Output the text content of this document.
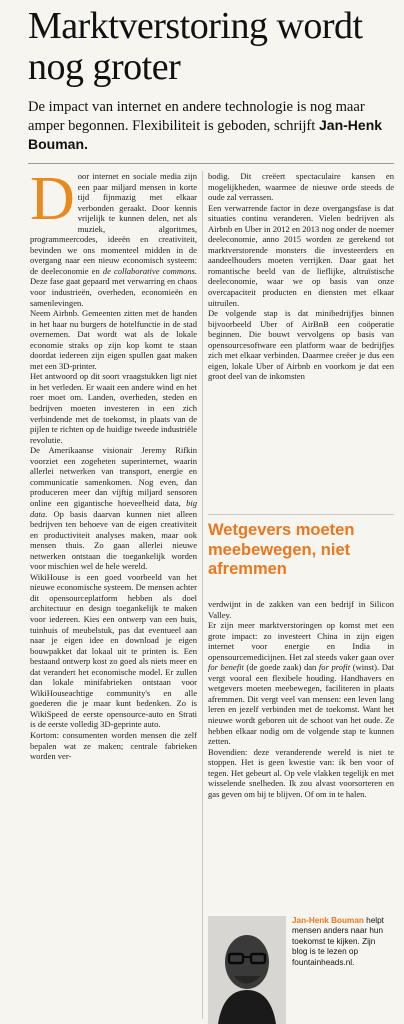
Marktverstoring wordt nog groter

De impact van internet en andere technologie is nog maar amper begonnen. Flexibiliteit is geboden, schrijft Jan-Henk Bouman.

Door internet en sociale media zijn een paar miljard mensen in korte tijd fijnmazig met elkaar verbonden geraakt. Door kennis vrijelijk te kunnen delen, net als muziek, algoritmes, programmeercodes, ideeën en creativiteit, bevinden we ons momenteel midden in de overgang naar een nieuw economisch systeem: de deeleconomie en de collaborative commons. Deze fase gaat gepaard met verwarring en chaos voor industrieën, overheden, economieën en samenlevingen.

Neem Airbnb. Gemeenten zitten met de handen in het haar nu burgers de hotelfunctie in de stad overnemen. Dat wordt wat als de lokale economie straks op zijn kop komt te staan doordat iedereen zijn eigen spullen gaat maken met een 3D-printer.

Het antwoord op dit soort vraagstukken ligt niet in het verleden. Er waait een andere wind en het roer moet om. Landen, overheden, steden en bedrijven moeten investeren in een zich verbindende met de toekomst, in plaats van de pijlen te richten op de huidige tweede industriële revolutie.

De Amerikaanse visionair Jeremy Rifkin voorziet een zogeheten superinternet, waarin allerlei netwerken van transport, energie en communicatie samenkomen. Nog even, dan produceren meer dan vijftig miljard sensoren online een gigantische hoeveelheid data, big data. Op basis daarvan kunnen niet alleen bedrijven ten behoeve van de eigen creativiteit en productiviteit analyses maken, maar ook mensen thuis. Zo gaan allerlei nieuwe netwerken ontstaan die toegankelijk worden voor mischien wel de hele wereld.

WikiHouse is een goed voorbeeld van het nieuwe economische systeem. De mensen achter dit opensourceplatform hebben als doel architectuur en design toegankelijk te maken voor iedereen. Kies een ontwerp van een huis, tuinhuis of meubelstuk, pas dat eventueel aan naar je eigen idee en download je eigen bouwpakket dat lokaal uit te printen is. Een bestaand ontwerp kost zo goed als niets meer en dat verandert het economische model. Er zullen dan lokale minifabrieken ontstaan voor WikiHouseachtige community's en alle goederen die je maar kunt bedenken. Zo is WikiSpeed de eerste opensource-auto en Strati is de eerste volledig 3D-geprinte auto.

Kortom: consumenten worden mensen die zelf bepalen wat ze maken; centrale fabrieken worden ver-

bodig. Dit creëert spectaculaire kansen en mogelijkheden, waarmee de nieuwe orde steeds de oude zal verrassen.

Een verwarrende factor in deze overgangsfase is dat situaties continu veranderen. Vielen bedrijven als Airbnb en Uber in 2012 en 2013 nog onder de noemer deeleconomie, anno 2015 worden ze gerekend tot marktverstorende monsters die investeerders en aandeelhouders moeten verrijken. Daar gaat het romantische beeld van de lieflijke, altruïstische deeleconomie, waar we op basis van onze overcapaciteit producten en diensten met elkaar uitruilen.

De volgende stap is dat minibedrijfjes binnen bijvoorbeeld Uber of AirBnB een coöperatie beginnen. Die bouwt vervolgens op basis van opensourcesoftware een platform waar de bedrijfjes zich met elkaar verbinden. Daarmee creëer je dus een eigen, lokale Uber of Airbnb en voorkom je dat een groot deel van de inkomsten

Wetgevers moeten meebewegen, niet afremmen

verdwijnt in de zakken van een bedrijf in Silicon Valley.

Er zijn meer marktverstoringen op komst met een grote impact: zo investeert China in zijn eigen internet voor energie en India in opensourcemedicijnen. Het zal steeds vaker gaan over for benefit (de goede zaak) dan for profit (winst). Dat vergt vooral een flexibele houding. Handhavers en wetgevers moeten meebewegen, faciliteren in plaats afremmen. Dit vergt veel van mensen: een leven lang leren en jezelf verbinden met de toekomst. Want het nieuwe wordt geboren uit de schoot van het oude. Ze hebben elkaar nodig om de volgende stap te kunnen zetten.

Bovendien: deze veranderende wereld is niet te stoppen. Het is geen kwestie van: ik ben voor of tegen. Het gebeurt al. Op vele vlakken tegelijk en met wisselende snelheden. Ik zou alvast voorsorteren en gas geven om bij te blijven. Of om in te halen.

Jan-Henk Bouman helpt mensen anders naar hun toekomst te kijken. Zijn blog is te lezen op fountainheads.nl.
